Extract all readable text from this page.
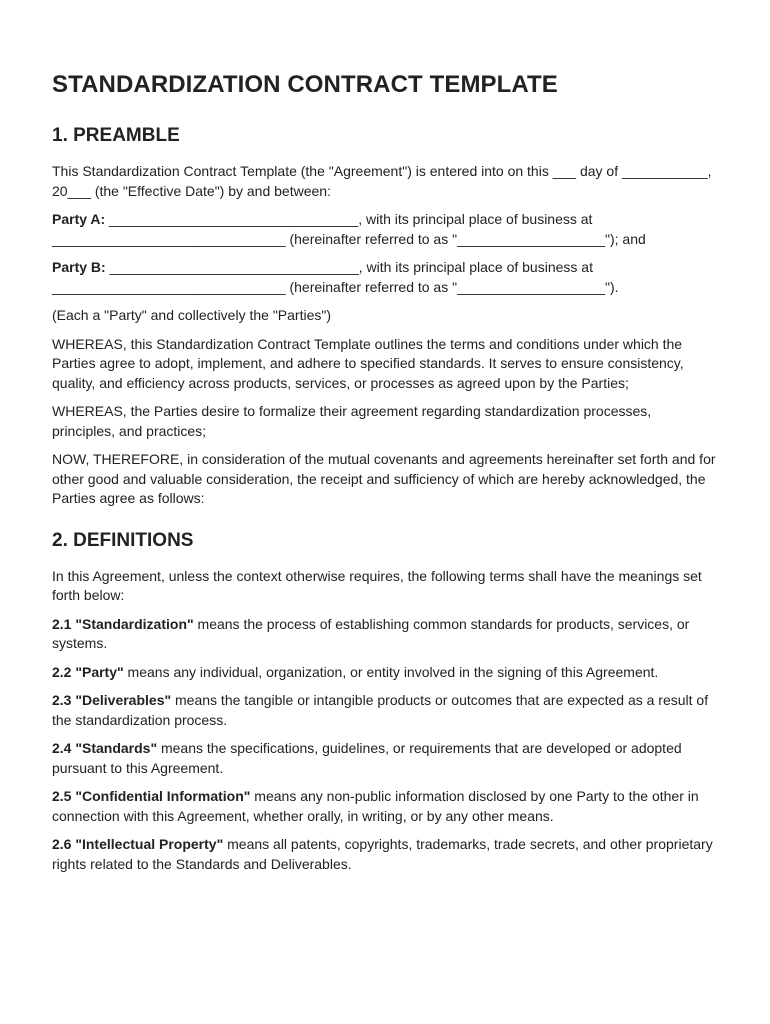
STANDARDIZATION CONTRACT TEMPLATE
1. PREAMBLE

This Standardization Contract Template (the "Agreement") is entered into on this ___ day of ___________, 20___ (the "Effective Date") by and between:

Party A: ________________________________, with its principal place of business at ______________________________ (hereinafter referred to as "___________________"); and

Party B: ________________________________, with its principal place of business at ______________________________ (hereinafter referred to as "___________________").

(Each a "Party" and collectively the "Parties")

WHEREAS, this Standardization Contract Template outlines the terms and conditions under which the Parties agree to adopt, implement, and adhere to specified standards. It serves to ensure consistency, quality, and efficiency across products, services, or processes as agreed upon by the Parties;

WHEREAS, the Parties desire to formalize their agreement regarding standardization processes, principles, and practices;

NOW, THEREFORE, in consideration of the mutual covenants and agreements hereinafter set forth and for other good and valuable consideration, the receipt and sufficiency of which are hereby acknowledged, the Parties agree as follows:

2. DEFINITIONS

In this Agreement, unless the context otherwise requires, the following terms shall have the meanings set forth below:

2.1 "Standardization" means the process of establishing common standards for products, services, or systems.

2.2 "Party" means any individual, organization, or entity involved in the signing of this Agreement.

2.3 "Deliverables" means the tangible or intangible products or outcomes that are expected as a result of the standardization process.

2.4 "Standards" means the specifications, guidelines, or requirements that are developed or adopted pursuant to this Agreement.

2.5 "Confidential Information" means any non-public information disclosed by one Party to the other in connection with this Agreement, whether orally, in writing, or by any other means.

2.6 "Intellectual Property" means all patents, copyrights, trademarks, trade secrets, and other proprietary rights related to the Standards and Deliverables.
